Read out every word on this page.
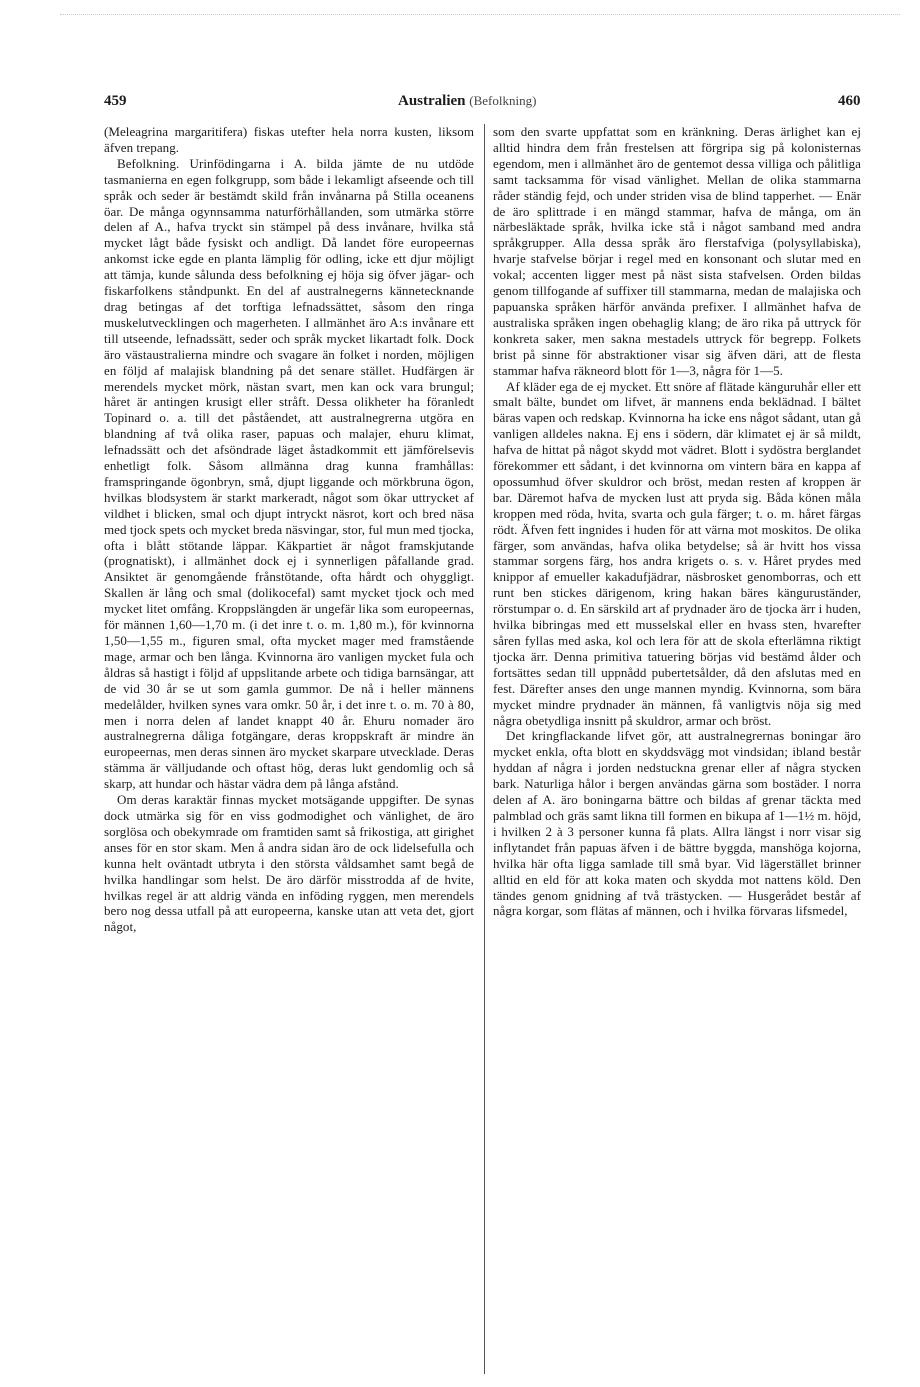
459	Australien (Befolkning)	460

(Meleagrina margaritifera) fiskas utefter hela norra kusten, liksom äfven trepang.

Befolkning. Urinfödingarna i A. bilda jämte de nu utdöde tasmanierna en egen folkgrupp, som både i lekamligt afseende och till språk och seder är bestämdt skild från invånarna på Stilla oceanens öar. De många ogynnsamma naturförhållanden, som utmärka större delen af A., hafva tryckt sin stämpel på dess invånare, hvilka stå mycket lågt både fysiskt och andligt. Då landet före europeernas ankomst icke egde en planta lämplig för odling, icke ett djur möjligt att tämja, kunde sålunda dess befolkning ej höja sig öfver jägar- och fiskarfolkens ståndpunkt. En del af australnegerns kännetecknande drag betingas af det torftiga lefnadssättet, såsom den ringa muskelutvecklingen och magerheten. I allmänhet äro A:s invånare ett till utseende, lefnadssätt, seder och språk mycket likartadt folk. Dock äro västaustralierna mindre och svagare än folket i norden, möjligen en följd af malajisk blandning på det senare stället. Hudfärgen är merendels mycket mörk, nästan svart, men kan ock vara brungul; håret är antingen krusigt eller stråft. Dessa olikheter ha föranledt Topinard o. a. till det påståendet, att australnegrerna utgöra en blandning af två olika raser, papuas och malajer, ehuru klimat, lefnadssätt och det afsöndrade läget åstadkommit ett jämförelsevis enhetligt folk. Såsom allmänna drag kunna framhållas: framspringande ögonbryn, små, djupt liggande och mörkbruna ögon, hvilkas blodsystem är starkt markeradt, något som ökar uttrycket af vildhet i blicken, smal och djupt intryckt näsrot, kort och bred näsa med tjock spets och mycket breda näsvingar, stor, ful mun med tjocka, ofta i blått stötande läppar. Käkpartiet är något framskjutande (prognatiskt), i allmänhet dock ej i synnerligen påfallande grad. Ansiktet är genomgående frånstötande, ofta hårdt och ohyggligt. Skallen är lång och smal (dolikocefal) samt mycket tjock och med mycket litet omfång. Kroppslängden är ungefär lika som europeernas, för männen 1,60—1,70 m. (i det inre t. o. m. 1,80 m.), för kvinnorna 1,50—1,55 m., figuren smal, ofta mycket mager med framstående mage, armar och ben långa. Kvinnorna äro vanligen mycket fula och åldras så hastigt i följd af uppslitande arbete och tidiga barnsängar, att de vid 30 år se ut som gamla gummor. De nå i heller männens medelålder, hvilken synes vara omkr. 50 år, i det inre t. o. m. 70 à 80, men i norra delen af landet knappt 40 år. Ehuru nomader äro australnegrerna dåliga fotgängare, deras kroppskraft är mindre än europeernas, men deras sinnen äro mycket skarpare utvecklade. Deras stämma är välljudande och oftast hög, deras lukt gendomlig och så skarp, att hundar och hästar vädra dem på långa afstånd.

Om deras karaktär finnas mycket motsägande uppgifter. De synas dock utmärka sig för en viss godmodighet och vänlighet, de äro sorglösa och obekymrade om framtiden samt så frikostiga, att girighet anses för en stor skam. Men å andra sidan äro de ock lidelsefulla och kunna helt oväntadt utbryta i den största våldsamhet samt begå de hvilka handlingar som helst. De äro därför misstrodda af de hvite, hvilkas regel är att aldrig vända en inföding ryggen, men merendels bero nog dessa utfall på att europeerna, kanske utan att veta det, gjort något,

som den svarte uppfattat som en kränkning. Deras ärlighet kan ej alltid hindra dem från frestelsen att förgripa sig på kolonisternas egendom, men i allmänhet äro de gentemot dessa villiga och pålitliga samt tacksamma för visad vänlighet. Mellan de olika stammarna råder ständig fejd, och under striden visa de blind tapperhet. — Enär de äro splittrade i en mängd stammar, hafva de många, om än närbesläktade språk, hvilka icke stå i något samband med andra språkgrupper. Alla dessa språk äro flerstafviga (polysyllabiska), hvarje stafvelse börjar i regel med en konsonant och slutar med en vokal; accenten ligger mest på näst sista stafvelsen. Orden bildas genom tillfogande af suffixer till stammarna, medan de malajiska och papuanska språken härför använda prefixer. I allmänhet hafva de australiska språken ingen obehaglig klang; de äro rika på uttryck för konkreta saker, men sakna mestadels uttryck för begrepp. Folkets brist på sinne för abstraktioner visar sig äfven däri, att de flesta stammar hafva räkneord blott för 1—3, några för 1—5.

Af kläder ega de ej mycket. Ett snöre af flätade känguruhår eller ett smalt bälte, bundet om lifvet, är mannens enda beklädnad. I bältet bäras vapen och redskap. Kvinnorna ha icke ens något sådant, utan gå vanligen alldeles nakna. Ej ens i södern, där klimatet ej är så mildt, hafva de hittat på något skydd mot vädret. Blott i sydöstra berglandet förekommer ett sådant, i det kvinnorna om vintern bära en kappa af opossumhud öfver skuldror och bröst, medan resten af kroppen är bar. Däremot hafva de mycken lust att pryda sig. Båda könen måla kroppen med röda, hvita, svarta och gula färger; t. o. m. håret färgas rödt. Äfven fett ingnides i huden för att värna mot moskitos. De olika färger, som användas, hafva olika betydelse; så är hvitt hos vissa stammar sorgens färg, hos andra krigets o. s. v. Håret prydes med knippor af emueller kakadufjädrar, näsbrosket genomborras, och ett runt ben stickes därigenom, kring hakan bäres känguruständer, rörstumpar o. d. En särskild art af prydnader äro de tjocka ärr i huden, hvilka bibringas med ett musselskal eller en hvass sten, hvarefter såren fyllas med aska, kol och lera för att de skola efterlämna riktigt tjocka ärr. Denna primitiva tatuering börjas vid bestämd ålder och fortsättes sedan till uppnådd pubertetsålder, då den afslutas med en fest. Därefter anses den unge mannen myndig. Kvinnorna, som bära mycket mindre prydnader än männen, få vanligtvis nöja sig med några obetydliga insnitt på skuldror, armar och bröst.

Det kringflackande lifvet gör, att australnegrernas boningar äro mycket enkla, ofta blott en skyddsvägg mot vindsidan; ibland består hyddan af några i jorden nedstuckna grenar eller af några stycken bark. Naturliga hålor i bergen användas gärna som bostäder. I norra delen af A. äro boningarna bättre och bildas af grenar täckta med palmblad och gräs samt likna till formen en bikupa af 1—1½ m. höjd, i hvilken 2 à 3 personer kunna få plats. Allra längst i norr visar sig inflytandet från papuas äfven i de bättre byggda, manshöga kojorna, hvilka här ofta ligga samlade till små byar. Vid lägerstället brinner alltid en eld för att koka maten och skydda mot nattens köld. Den tändes genom gnidning af två trästycken. — Husgerådet består af några korgar, som flätas af männen, och i hvilka förvaras lifsmedel,
